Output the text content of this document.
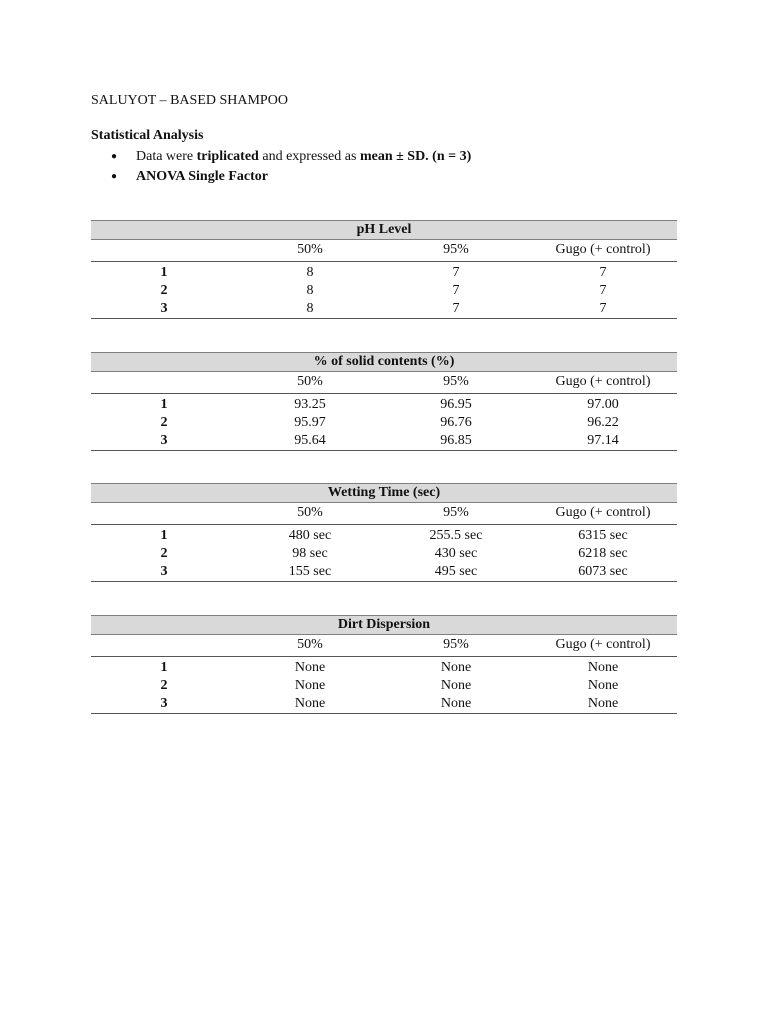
SALUYOT – BASED SHAMPOO
Statistical Analysis
● Data were triplicated and expressed as mean ± SD. (n = 3)
● ANOVA Single Factor
pH Level			
	50%	95%	Gugo (+ control)
1	8	7	7
2	8	7	7
3	8	7	7
% of solid contents (%)			
	50%	95%	Gugo (+ control)
1	93.25	96.95	97.00
2	95.97	96.76	96.22
3	95.64	96.85	97.14
Wetting Time (sec)			
	50%	95%	Gugo (+ control)
1	480 sec	255.5 sec	6315 sec
2	98 sec	430 sec	6218 sec
3	155 sec	495 sec	6073 sec
Dirt Dispersion			
	50%	95%	Gugo (+ control)
1	None	None	None
2	None	None	None
3	None	None	None
